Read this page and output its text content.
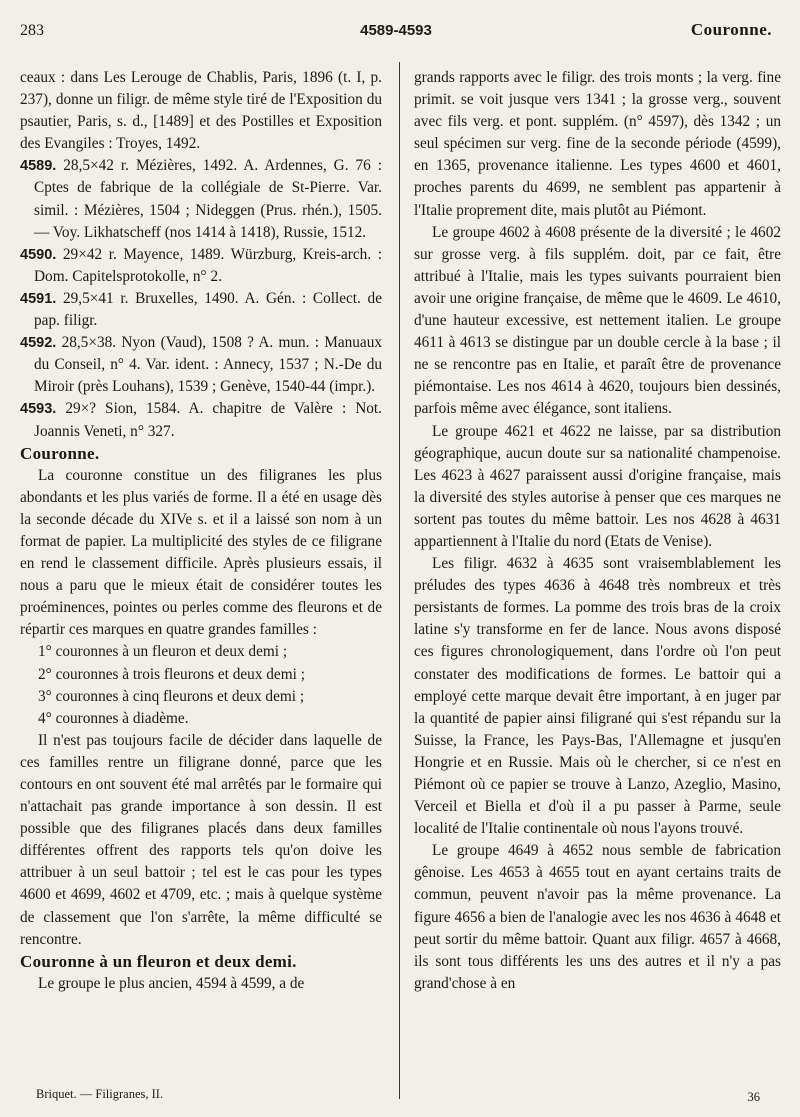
283	4589-4593	Couronne.

ceaux : dans Les Lerouge de Chablis, Paris, 1896 (t. I, p. 237), donne un filigr. de même style tiré de l'Exposition du psautier, Paris, s. d., [1489] et des Postilles et Exposition des Evangiles : Troyes, 1492.

4589. 28,5×42 r. Mézières, 1492. A. Ardennes, G. 76 : Cptes de fabrique de la collégiale de St-Pierre. Var. simil. : Mézières, 1504 ; Nideggen (Prus. rhén.), 1505. — Voy. Likhatscheff (nos 1414 à 1418), Russie, 1512.

4590. 29×42 r. Mayence, 1489. Würzburg, Kreis-arch. : Dom. Capitelsprotokolle, n° 2.

4591. 29,5×41 r. Bruxelles, 1490. A. Gén. : Collect. de pap. filigr.

4592. 28,5×38. Nyon (Vaud), 1508 ? A. mun. : Manuaux du Conseil, n° 4. Var. ident. : Annecy, 1537 ; N.-De du Miroir (près Louhans), 1539 ; Genève, 1540-44 (impr.).

4593. 29×? Sion, 1584. A. chapitre de Valère : Not. Joannis Veneti, n° 327.

Couronne.

La couronne constitue un des filigranes les plus abondants et les plus variés de forme. Il a été en usage dès la seconde décade du XIVe s. et il a laissé son nom à un format de papier. La multiplicité des styles de ce filigrane en rend le classement difficile. Après plusieurs essais, il nous a paru que le mieux était de considérer toutes les proéminences, pointes ou perles comme des fleurons et de répartir ces marques en quatre grandes familles :

1° couronnes à un fleuron et deux demi ;

2° couronnes à trois fleurons et deux demi ;

3° couronnes à cinq fleurons et deux demi ;

4° couronnes à diadème.

Il n'est pas toujours facile de décider dans laquelle de ces familles rentre un filigrane donné, parce que les contours en ont souvent été mal arrêtés par le formaire qui n'attachait pas grande importance à son dessin. Il est possible que des filigranes placés dans deux familles différentes offrent des rapports tels qu'on doive les attribuer à un seul battoir ; tel est le cas pour les types 4600 et 4699, 4602 et 4709, etc. ; mais à quelque système de classement que l'on s'arrête, la même difficulté se rencontre.

Couronne à un fleuron et deux demi.

Le groupe le plus ancien, 4594 à 4599, a de

grands rapports avec le filigr. des trois monts ; la verg. fine primit. se voit jusque vers 1341 ; la grosse verg., souvent avec fils verg. et pont. supplém. (n° 4597), dès 1342 ; un seul spécimen sur verg. fine de la seconde période (4599), en 1365, provenance italienne. Les types 4600 et 4601, proches parents du 4699, ne semblent pas appartenir à l'Italie proprement dite, mais plutôt au Piémont.

Le groupe 4602 à 4608 présente de la diversité ; le 4602 sur grosse verg. à fils supplém. doit, par ce fait, être attribué à l'Italie, mais les types suivants pourraient bien avoir une origine française, de même que le 4609. Le 4610, d'une hauteur excessive, est nettement italien. Le groupe 4611 à 4613 se distingue par un double cercle à la base ; il ne se rencontre pas en Italie, et paraît être de provenance piémontaise. Les nos 4614 à 4620, toujours bien dessinés, parfois même avec élégance, sont italiens.

Le groupe 4621 et 4622 ne laisse, par sa distribution géographique, aucun doute sur sa nationalité champenoise. Les 4623 à 4627 paraissent aussi d'origine française, mais la diversité des styles autorise à penser que ces marques ne sortent pas toutes du même battoir. Les nos 4628 à 4631 appartiennent à l'Italie du nord (Etats de Venise).

Les filigr. 4632 à 4635 sont vraisemblablement les préludes des types 4636 à 4648 très nombreux et très persistants de formes. La pomme des trois bras de la croix latine s'y transforme en fer de lance. Nous avons disposé ces figures chronologiquement, dans l'ordre où l'on peut constater des modifications de formes. Le battoir qui a employé cette marque devait être important, à en juger par la quantité de papier ainsi filigrané qui s'est répandu sur la Suisse, la France, les Pays-Bas, l'Allemagne et jusqu'en Hongrie et en Russie. Mais où le chercher, si ce n'est en Piémont où ce papier se trouve à Lanzo, Azeglio, Masino, Verceil et Biella et d'où il a pu passer à Parme, seule localité de l'Italie continentale où nous l'ayons trouvé.

Le groupe 4649 à 4652 nous semble de fabrication gênoise. Les 4653 à 4655 tout en ayant certains traits de commun, peuvent n'avoir pas la même provenance. La figure 4656 a bien de l'analogie avec les nos 4636 à 4648 et peut sortir du même battoir. Quant aux filigr. 4657 à 4668, ils sont tous différents les uns des autres et il n'y a pas grand'chose à en

Briquet. — Filigranes, II.	36
